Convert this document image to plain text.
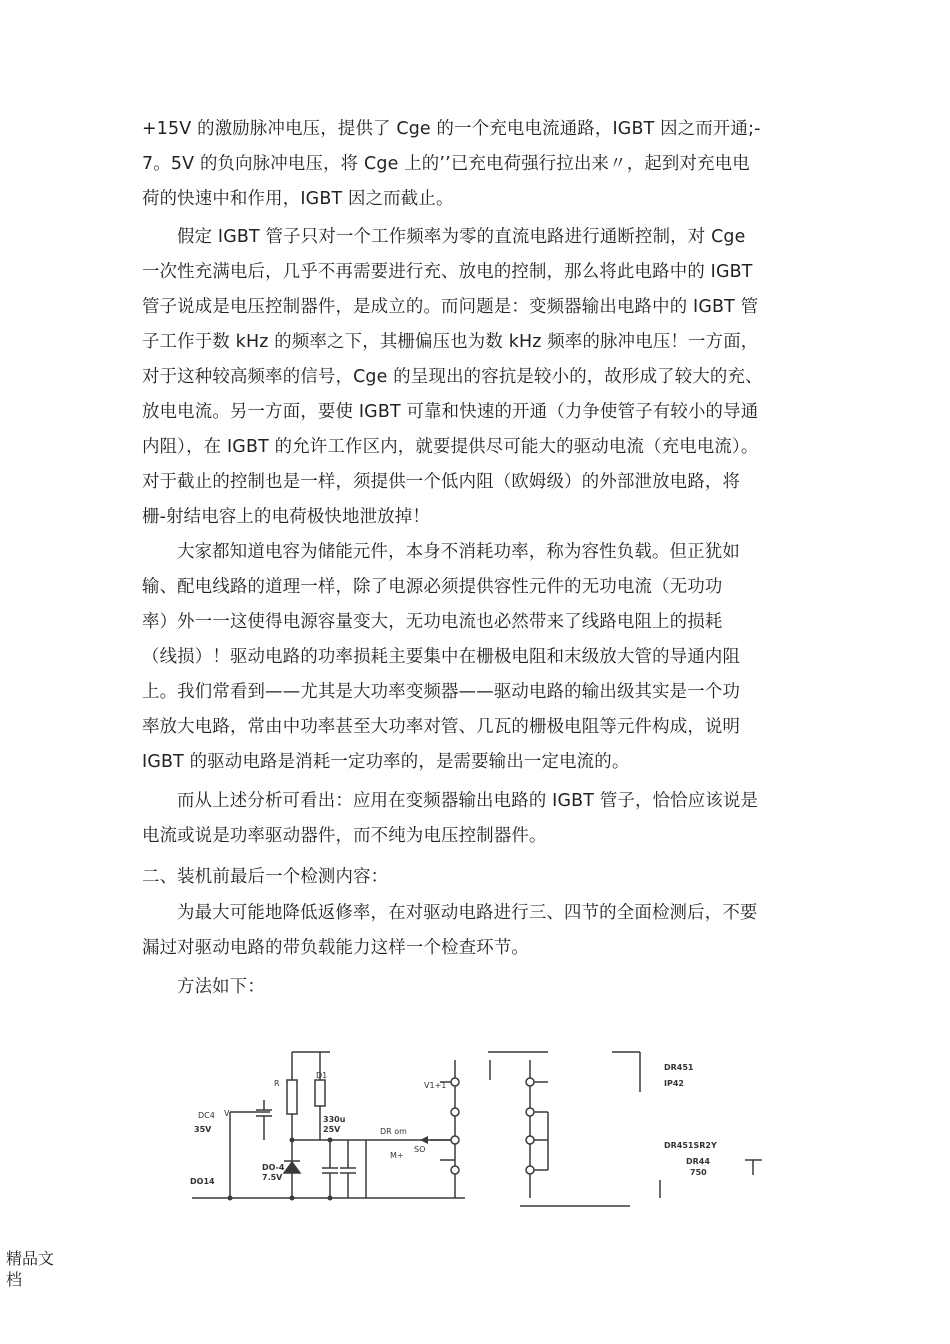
+15V 的激励脉冲电压，提供了 Cge 的一个充电电流通路，IGBT 因之而开通;-
7。5V 的负向脉冲电压，将 Cge 上的’’已充电荷强行拉出来〃，起到对充电电
荷的快速中和作用，IGBT 因之而截止。
假定 IGBT 管子只对一个工作频率为零的直流电路进行通断控制，对 Cge
一次性充满电后，几乎不再需要进行充、放电的控制，那么将此电路中的 IGBT
管子说成是电压控制器件，是成立的。而问题是：变频器输出电路中的 IGBT 管
子工作于数 kHz 的频率之下，其栅偏压也为数 kHz 频率的脉冲电压！一方面，
对于这种较高频率的信号，Cge 的呈现出的容抗是较小的，故形成了较大的充、
放电电流。另一方面，要使 IGBT 可靠和快速的开通（力争使管子有较小的导通
内阻），在 IGBT 的允许工作区内，就要提供尽可能大的驱动电流（充电电流）。
对于截止的控制也是一样，须提供一个低内阻（欧姆级）的外部泄放电路，将
栅-射结电容上的电荷极快地泄放掉！
大家都知道电容为储能元件，本身不消耗功率，称为容性负载。但正犹如
输、配电线路的道理一样，除了电源必须提供容性元件的无功电流（无功功
率）外一一这使得电源容量变大，无功电流也必然带来了线路电阻上的损耗
（线损）！驱动电路的功率损耗主要集中在栅极电阻和末级放大管的导通内阻
上。我们常看到——尤其是大功率变频器——驱动电路的输出级其实是一个功
率放大电路，常由中功率甚至大功率对管、几瓦的栅极电阻等元件构成，说明
IGBT 的驱动电路是消耗一定功率的，是需要输出一定电流的。
而从上述分析可看出：应用在变频器输出电路的 IGBT 管子，恰恰应该说是
电流或说是功率驱动器件，而不纯为电压控制器件。
二、装机前最后一个检测内容：
为最大可能地降低返修率，在对驱动电路进行三、四节的全面检测后，不要
漏过对驱动电路的带负载能力这样一个检查环节。
方法如下：
DC4
35V
V
R
D1
330u
25V
DO-4
7.5V
DO14
V1+1
DR om
M+
SO
DR451
IP42
DR451SR2Y
DR44
750
精品文档
